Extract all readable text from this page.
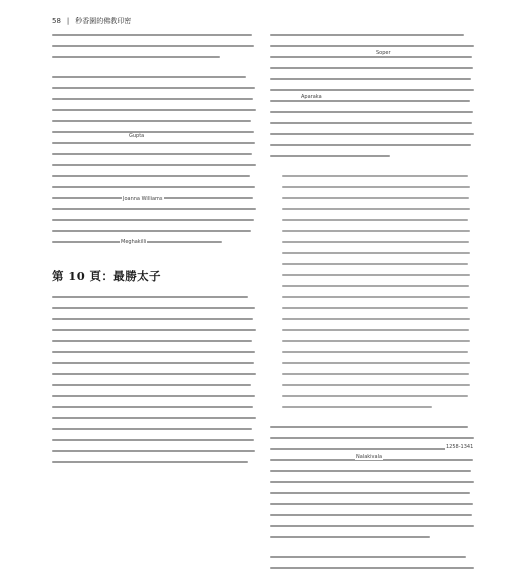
58 | 秒香園的佛教印密
第 10 頁：最勝太子
Gupta
Joanna Williams
Meghakilli
Soper
Aparaka
1258-1341
Nalakivala
